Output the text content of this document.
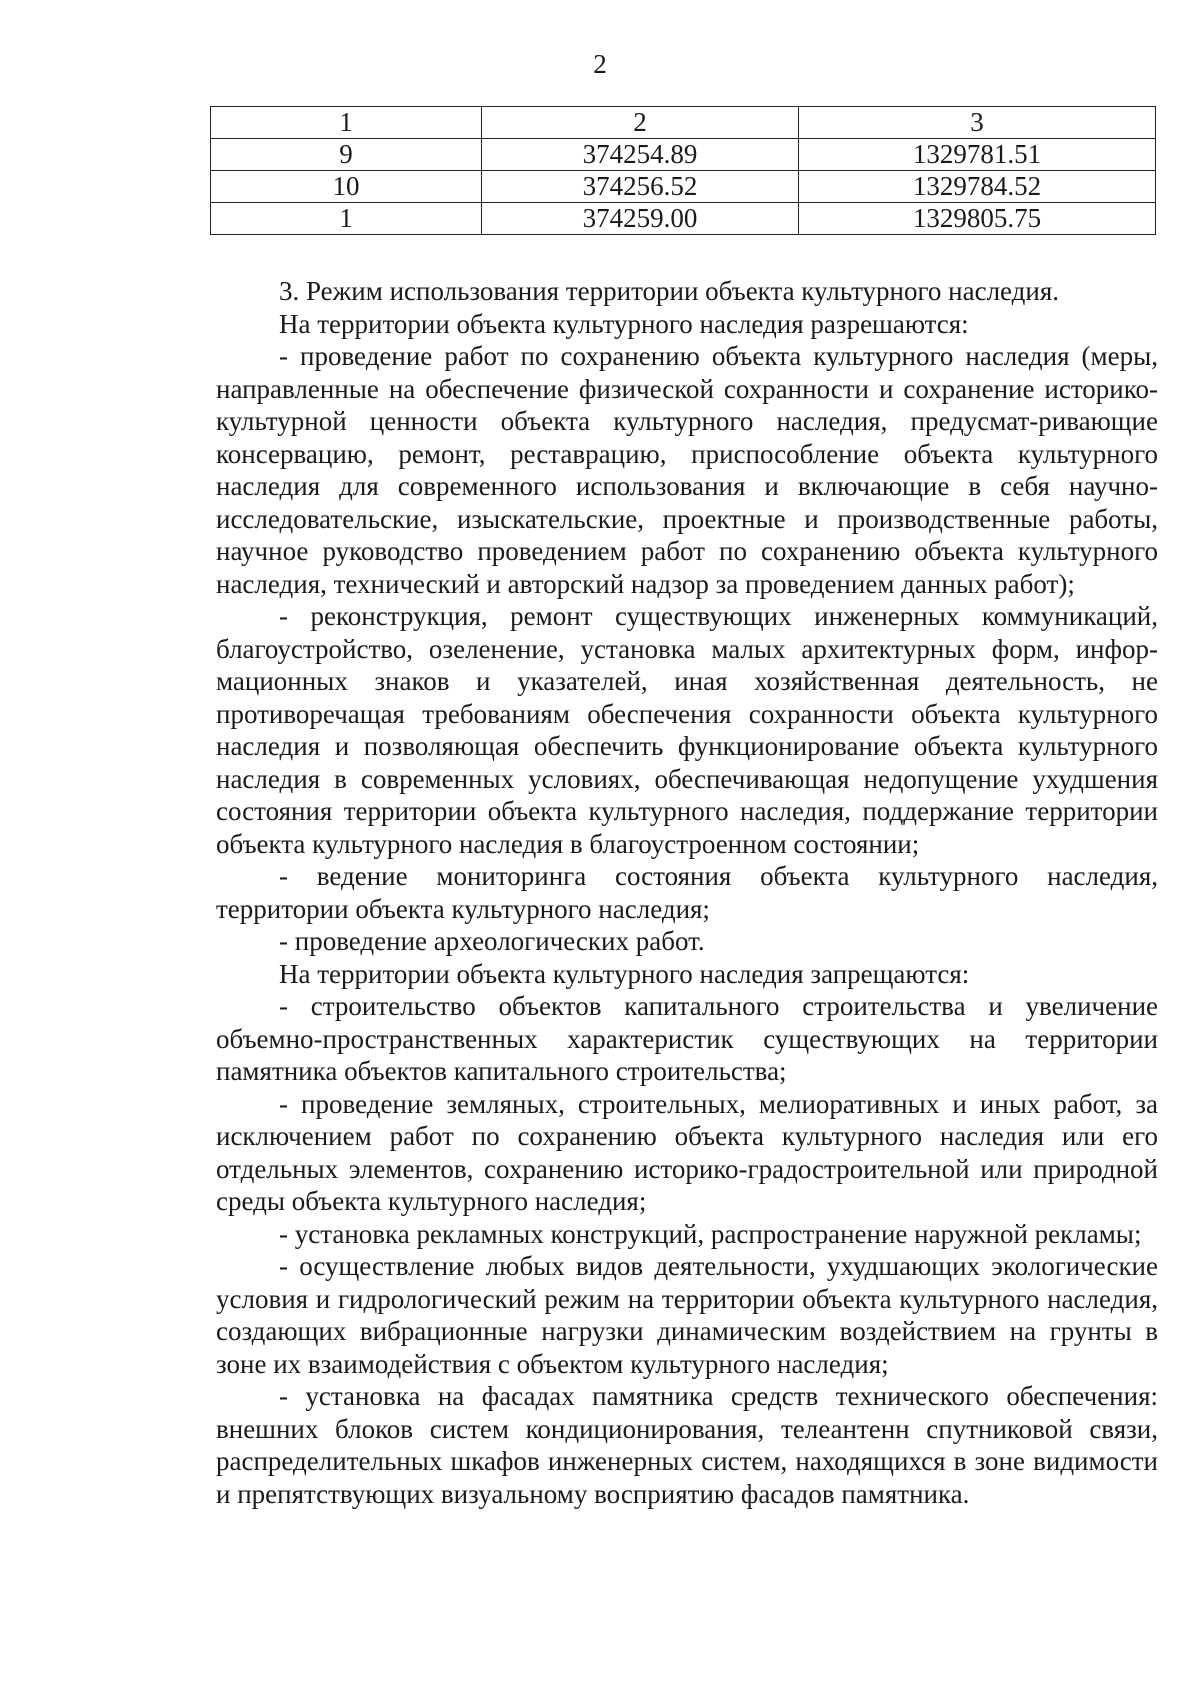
2
1	2	3
9	374254.89	1329781.51
10	374256.52	1329784.52
1	374259.00	1329805.75

3. Режим использования территории объекта культурного наследия.

На территории объекта культурного наследия разрешаются:

- проведение работ по сохранению объекта культурного наследия (меры, направленные на обеспечение физической сохранности и сохранение историко-культурной ценности объекта культурного наследия, предусмат-ривающие консервацию, ремонт, реставрацию, приспособление объекта культурного наследия для современного использования и включающие в себя научно-исследовательские, изыскательские, проектные и производственные работы, научное руководство проведением работ по сохранению объекта культурного наследия, технический и авторский надзор за проведением данных работ);

- реконструкция, ремонт существующих инженерных коммуникаций, благоустройство, озеленение, установка малых архитектурных форм, инфор-мационных знаков и указателей, иная хозяйственная деятельность, не противоречащая требованиям обеспечения сохранности объекта культурного наследия и позволяющая обеспечить функционирование объекта культурного наследия в современных условиях, обеспечивающая недопущение ухудшения состояния территории объекта культурного наследия, поддержание территории объекта культурного наследия в благоустроенном состоянии;

- ведение мониторинга состояния объекта культурного наследия, территории объекта культурного наследия;

- проведение археологических работ.

На территории объекта культурного наследия запрещаются:

- строительство объектов капитального строительства и увеличение объемно-пространственных характеристик существующих на территории памятника объектов капитального строительства;

- проведение земляных, строительных, мелиоративных и иных работ, за исключением работ по сохранению объекта культурного наследия или его отдельных элементов, сохранению историко-градостроительной или природной среды объекта культурного наследия;

- установка рекламных конструкций, распространение наружной рекламы;

- осуществление любых видов деятельности, ухудшающих экологические условия и гидрологический режим на территории объекта культурного наследия, создающих вибрационные нагрузки динамическим воздействием на грунты в зоне их взаимодействия с объектом культурного наследия;

- установка на фасадах памятника средств технического обеспечения: внешних блоков систем кондиционирования, телеантенн спутниковой связи, распределительных шкафов инженерных систем, находящихся в зоне видимости и препятствующих визуальному восприятию фасадов памятника.
